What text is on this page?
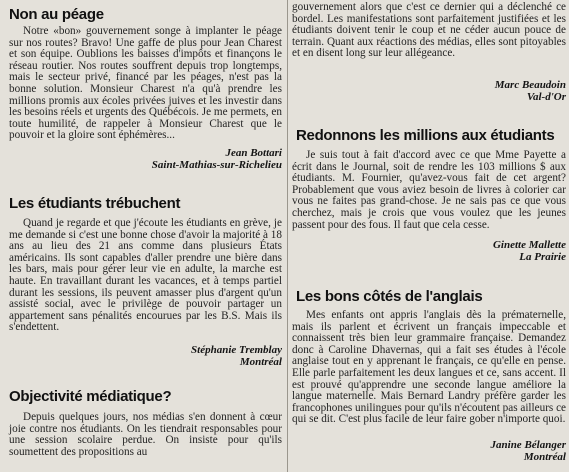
Non au péage

Notre «bon» gouvernement songe à implanter le péage sur nos routes? Bravo! Une gaffe de plus pour Jean Charest et son équipe. Oublions les baisses d'impôts et finançons le réseau routier. Nos routes souffrent depuis trop longtemps, mais le secteur privé, financé par les péages, n'est pas la bonne solution. Monsieur Charest n'a qu'à prendre les millions promis aux écoles privées juives et les investir dans les besoins réels et urgents des Québécois. Je me permets, en toute humilité, de rappeler à Monsieur Charest que le pouvoir et la gloire sont éphémères...

Jean Bottari
Saint-Mathias-sur-Richelieu
Les étudiants trébuchent

Quand je regarde et que j'écoute les étudiants en grève, je me demande si c'est une bonne chose d'avoir la majorité à 18 ans au lieu des 21 ans comme dans plusieurs États américains. Ils sont capables d'aller prendre une bière dans les bars, mais pour gérer leur vie en adulte, la marche est haute. En travaillant durant les vacances, et à temps partiel durant les sessions, ils peuvent amasser plus d'argent qu'un assisté social, avec le privilège de pouvoir partager un appartement sans pénalités encourues par les B.S. Mais ils s'endettent.

Stéphanie Tremblay
Montréal
Objectivité médiatique?

Depuis quelques jours, nos médias s'en donnent à cœur joie contre nos étudiants. On les tiendrait responsables pour une session scolaire perdue. On insiste pour qu'ils soumettent des propositions au

gouvernement alors que c'est ce dernier qui a déclenché ce bordel. Les manifestations sont parfaitement justifiées et les étudiants doivent tenir le coup et ne céder aucun pouce de terrain. Quant aux réactions des médias, elles sont pitoyables et en disent long sur leur allégeance.

Marc Beaudoin
Val-d'Or
Redonnons les millions aux étudiants

Je suis tout à fait d'accord avec ce que Mme Payette a écrit dans le Journal, soit de rendre les 103 millions $ aux étudiants. M. Fournier, qu'avez-vous fait de cet argent? Probablement que vous aviez besoin de livres à colorier car vous ne faites pas grand-chose. Je ne sais pas ce que vous cherchez, mais je crois que vous voulez que les jeunes passent pour des fous. Il faut que cela cesse.

Ginette Mallette
La Prairie
Les bons côtés de l'anglais

Mes enfants ont appris l'anglais dès la prématernelle, mais ils parlent et écrivent un français impeccable et connaissent très bien leur grammaire française. Demandez donc à Caroline Dhavernas, qui a fait ses études à l'école anglaise tout en y apprenant le français, ce qu'elle en pense. Elle parle parfaitement les deux langues et ce, sans accent. Il est prouvé qu'apprendre une seconde langue améliore la langue maternelle. Mais Bernard Landry préfère garder les francophones unilingues pour qu'ils n'écoutent pas ailleurs ce qui se dit. C'est plus facile de leur faire gober n'importe quoi.

Janine Bélanger
Montréal
